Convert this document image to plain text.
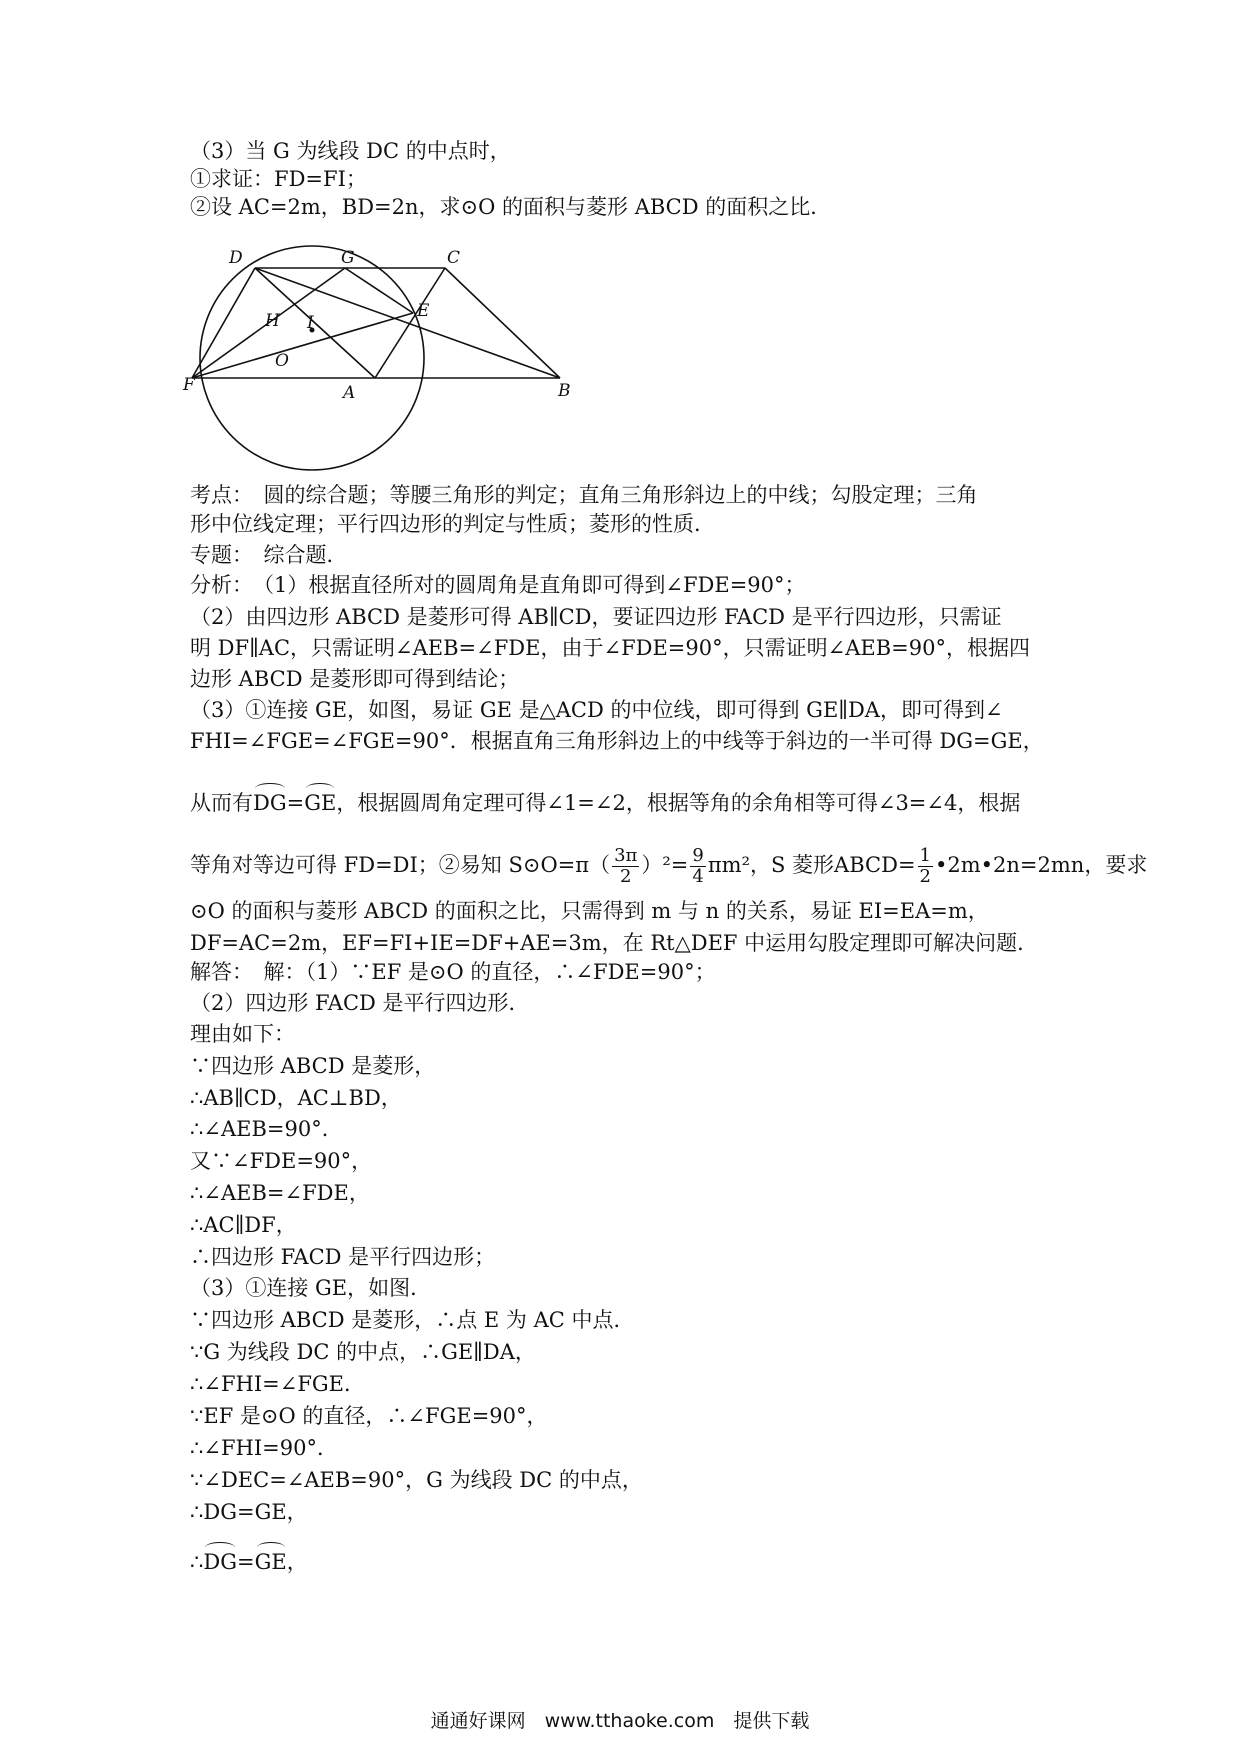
（3）当 G 为线段 DC 的中点时，
①求证：FD=FI；
②设 AC=2m，BD=2n，求⊙O 的面积与菱形 ABCD 的面积之比．
D	G	C
H I
E
O
F	A	B
考点：　圆的综合题；等腰三角形的判定；直角三角形斜边上的中线；勾股定理；三角
形中位线定理；平行四边形的判定与性质；菱形的性质．
专题：　综合题．
分析：　（1）根据直径所对的圆周角是直角即可得到∠FDE=90°；
（2）由四边形 ABCD 是菱形可得 AB∥CD，要证四边形 FACD 是平行四边形，只需证
明 DF∥AC，只需证明∠AEB=∠FDE，由于∠FDE=90°，只需证明∠AEB=90°，根据四
边形 ABCD 是菱形即可得到结论；
（3）①连接 GE，如图，易证 GE 是△ACD 的中位线，即可得到 GE∥DA，即可得到∠
FHI=∠FGE=∠FGE=90°．根据直角三角形斜边上的中线等于斜边的一半可得 DG=GE，
从而有DG=GE，根据圆周角定理可得∠1=∠2，根据等角的余角相等可得∠3=∠4，根据
等角对等边可得 FD=DI；②易知 S⊙O=π（ $\frac{3\pi}{2} )^2= \frac{9}{4} \pi m^2$，S 菱形ABCD= $\frac{1}{2}$ •2m•2n=2mn，要求
⊙O 的面积与菱形 ABCD 的面积之比，只需得到 m 与 n 的关系，易证 EI=EA=m，
DF=AC=2m，EF=FI+IE=DF+AE=3m，在 Rt△DEF 中运用勾股定理即可解决问题．
解答：　解：（1）∵EF 是⊙O 的直径，∴∠FDE=90°；
（2）四边形 FACD 是平行四边形．
理由如下：
∵四边形 ABCD 是菱形，
∴AB∥CD，AC⊥BD，
∴∠AEB=90°．
又∵∠FDE=90°，
∴∠AEB=∠FDE，
∴AC∥DF，
∴四边形 FACD 是平行四边形；
（3）①连接 GE，如图．
∵四边形 ABCD 是菱形，∴点 E 为 AC 中点．
∵G 为线段 DC 的中点，∴GE∥DA，
∴∠FHI=∠FGE．
∵EF 是⊙O 的直径，∴∠FGE=90°，
∴∠FHI=90°．
∵∠DEC=∠AEB=90°，G 为线段 DC 的中点，
∴DG=GE，
∴DG=GE，
通通好课网　www.tthaoke.com　提供下载
